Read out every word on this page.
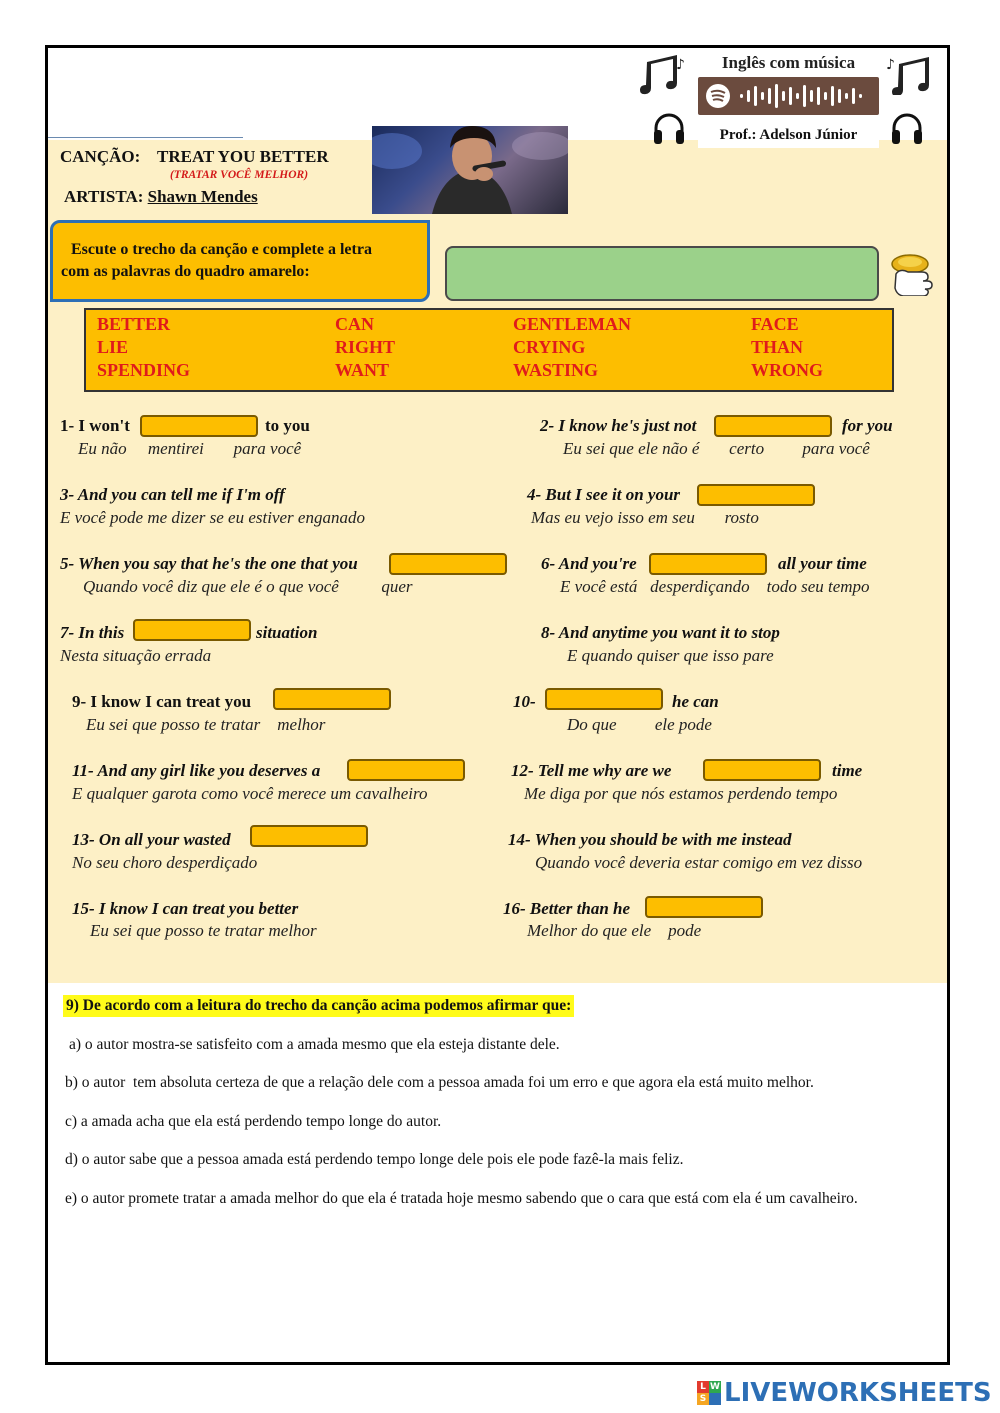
♪	Inglês com música	♪
Prof.: Adelson Júnior
CANÇÃO: TREAT YOU BETTER
(TRATAR VOCÊ MELHOR)
ARTISTA: Shawn Mendes
Escute o trecho da canção e complete a letra
com as palavras do quadro amarelo:
BETTER	CAN	GENTLEMAN	FACE
LIE	RIGHT	CRYING	THAN
SPENDING	WANT	WASTING	WRONG
1- I won't	to you
Eu não     mentirei       para você
2- I know he's just not	for you
Eu sei que ele não é       certo         para você
3- And you can tell me if I'm off
E você pode me dizer se eu estiver enganado
4- But I see it on your
Mas eu vejo isso em seu       rosto
5- When you say that he's the one that you
Quando você diz que ele é o que você          quer
6- And you're	all your time
E você está   desperdiçando    todo seu tempo
7- In this	situation
Nesta situação errada
8- And anytime you want it to stop
E quando quiser que isso pare
9- I know I can treat you
Eu sei que posso te tratar    melhor
10-	he can
Do que         ele pode
11- And any girl like you deserves a
E qualquer garota como você merece um cavalheiro
12- Tell me why are we	time
Me diga por que nós estamos perdendo tempo
13- On all your wasted
No seu choro desperdiçado
14- When you should be with me instead
Quando você deveria estar comigo em vez disso
15- I know I can treat you better
Eu sei que posso te tratar melhor
16- Better than he
Melhor do que ele    pode
9) De acordo com a leitura do trecho da canção acima podemos afirmar que:
a) o autor mostra-se satisfeito com a amada mesmo que ela esteja distante dele.
b) o autor  tem absoluta certeza de que a relação dele com a pessoa amada foi um erro e que agora ela está muito melhor.
c) a amada acha que ela está perdendo tempo longe do autor.
d) o autor sabe que a pessoa amada está perdendo tempo longe dele pois ele pode fazê-la mais feliz.
e) o autor promete tratar a amada melhor do que ela é tratada hoje mesmo sabendo que o cara que está com ela é um cavalheiro.
L W
S LIVEWORKSHEETS
